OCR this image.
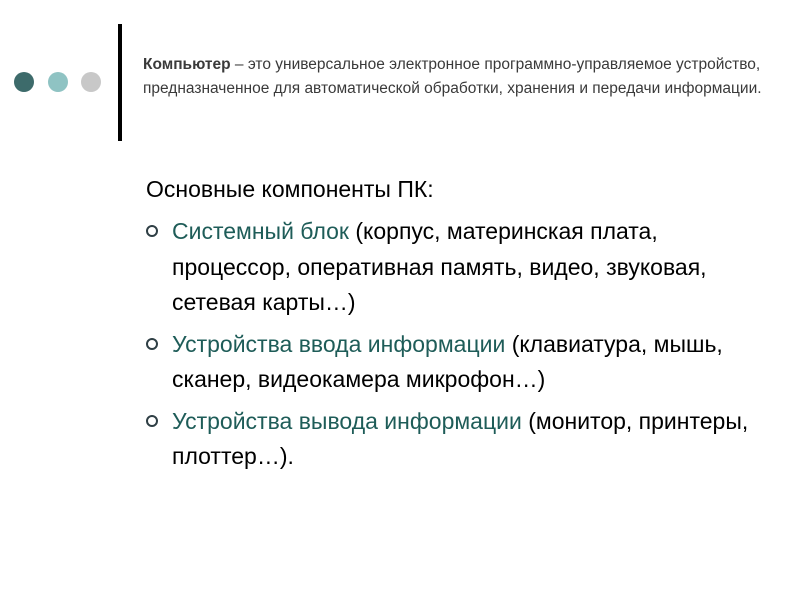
Компьютер – это универсальное электронное программно-управляемое устройство, предназначенное для автоматической обработки, хранения и передачи информации.
Основные компоненты ПК:
Системный блок (корпус, материнская плата, процессор, оперативная память, видео, звуковая, сетевая карты…)
Устройства ввода информации (клавиатура, мышь, сканер, видеокамера микрофон…)
Устройства вывода информации (монитор, принтеры, плоттер…).
